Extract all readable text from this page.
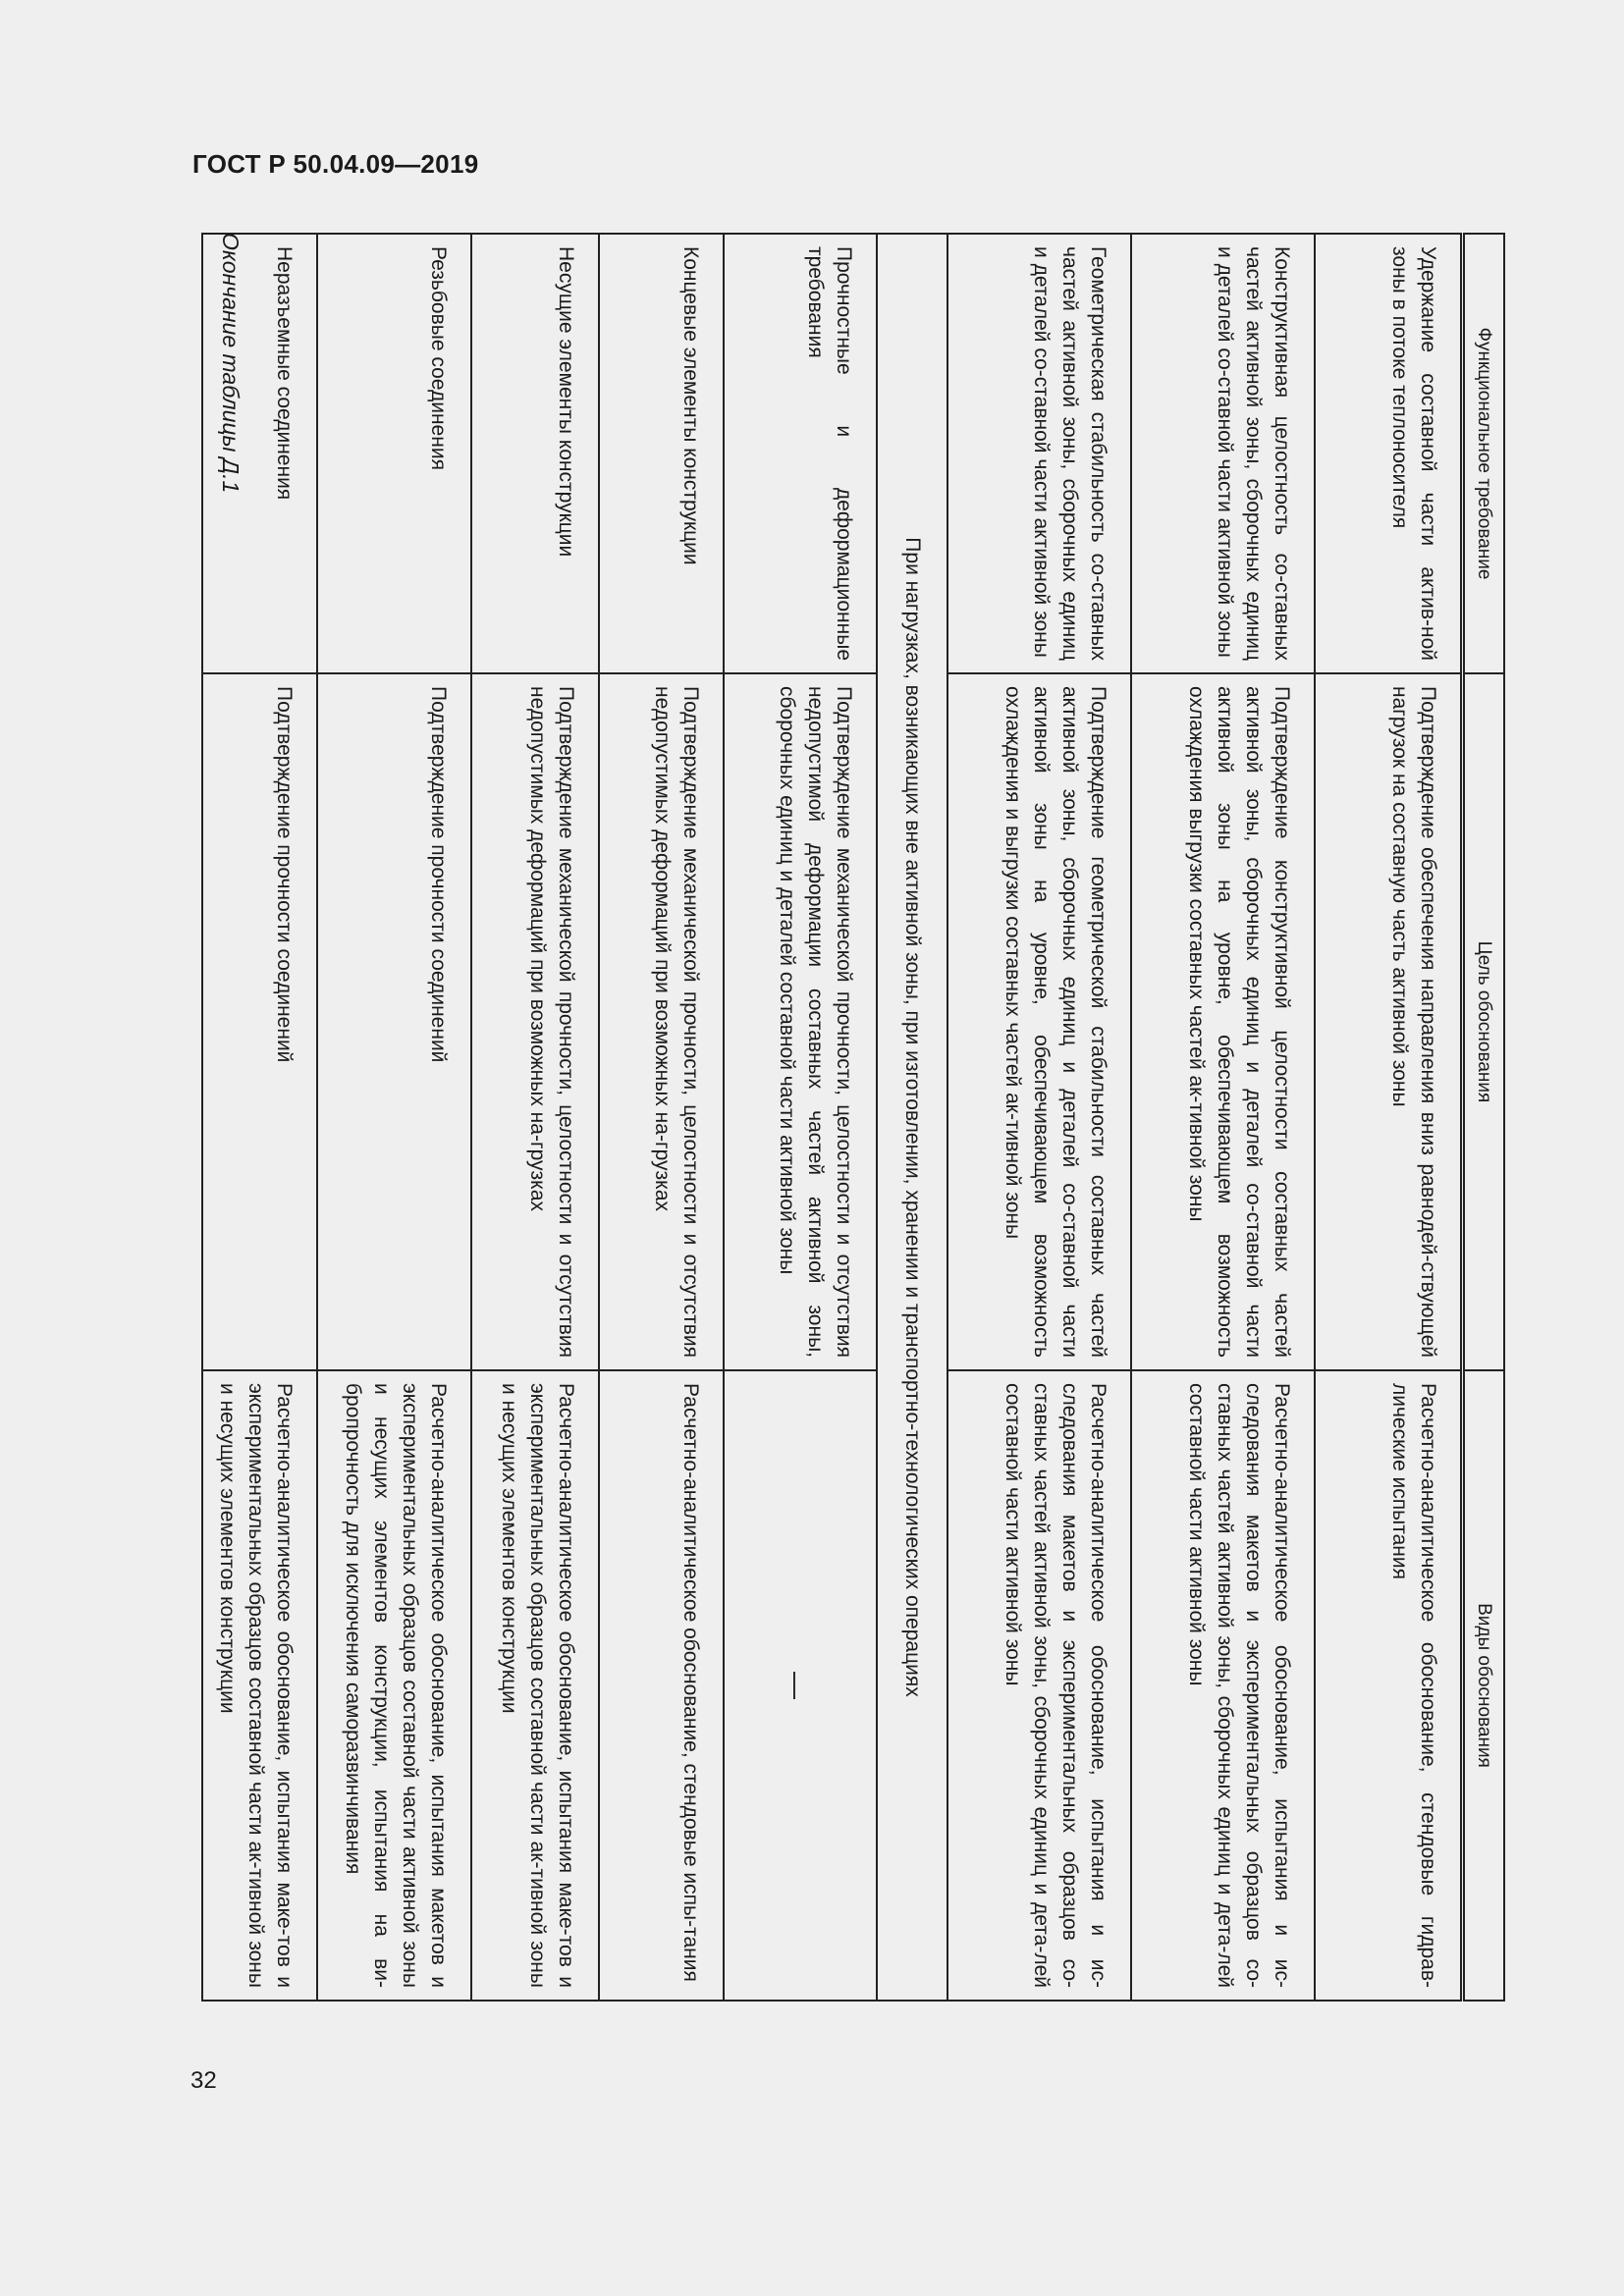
ГОСТ Р 50.04.09—2019
32
Функциональное требование	Цель обоснования	Виды обоснования
Удержание составной части актив-ной зоны в потоке теплоносителя	Подтверждение обеспечения направления вниз равнодей-ствующей нагрузок на составную часть активной зоны	Расчетно-аналитическое обоснование, стендовые гидрав-лические испытания
Конструктивная целостность со-ставных частей активной зоны, сборочных единиц и деталей со-ставной части активной зоны	Подтверждение конструктивной целостности составных частей активной зоны, сборочных единиц и деталей со-ставной части активной зоны на уровне, обеспечивающем возможность охлаждения выгрузки составных частей ак-тивной зоны	Расчетно-аналитическое обоснование, испытания и ис-следования макетов и экспериментальных образцов со-ставных частей активной зоны, сборочных единиц и дета-лей составной части активной зоны
Геометрическая стабильность со-ставных частей активной зоны, сборочных единиц и деталей со-ставной части активной зоны	Подтверждение геометрической стабильности составных частей активной зоны, сборочных единиц и деталей со-ставной части активной зоны на уровне, обеспечивающем возможность охлаждения и выгрузки составных частей ак-тивной зоны	Расчетно-аналитическое обоснование, испытания и ис-следования макетов и экспериментальных образцов со-ставных частей активной зоны, сборочных единиц и дета-лей составной части активной зоны
При нагрузках, возникающих вне активной зоны, при изготовлении, хранении и транспортно-технологических операциях		
Прочностные и деформационные требования	Подтверждение механической прочности, целостности и отсутствия недопустимой деформации составных частей активной зоны, сборочных единиц и деталей составной части активной зоны	—
Концевые элементы конструкции	Подтверждение механической прочности, целостности и отсутствия недопустимых деформаций при возможных на-грузках	Расчетно-аналитическое обоснование, стендовые испы-тания
Несущие элементы конструкции	Подтверждение механической прочности, целостности и отсутствия недопустимых деформаций при возможных на-грузках	Расчетно-аналитическое обоснование, испытания маке-тов и экспериментальных образцов составной части ак-тивной зоны и несущих элементов конструкции
Резьбовые соединения	Подтверждение прочности соединений	Расчетно-аналитическое обоснование, испытания макетов и экспериментальных образцов составной части активной зоны и несущих элементов конструкции, испытания на ви-бропрочность для исключения саморазвинчивания
Неразъемные соединения	Подтверждение прочности соединений	Расчетно-аналитическое обоснование, испытания маке-тов и экспериментальных образцов составной части ак-тивной зоны и несущих элементов конструкции
Окончание таблицы Д.1
